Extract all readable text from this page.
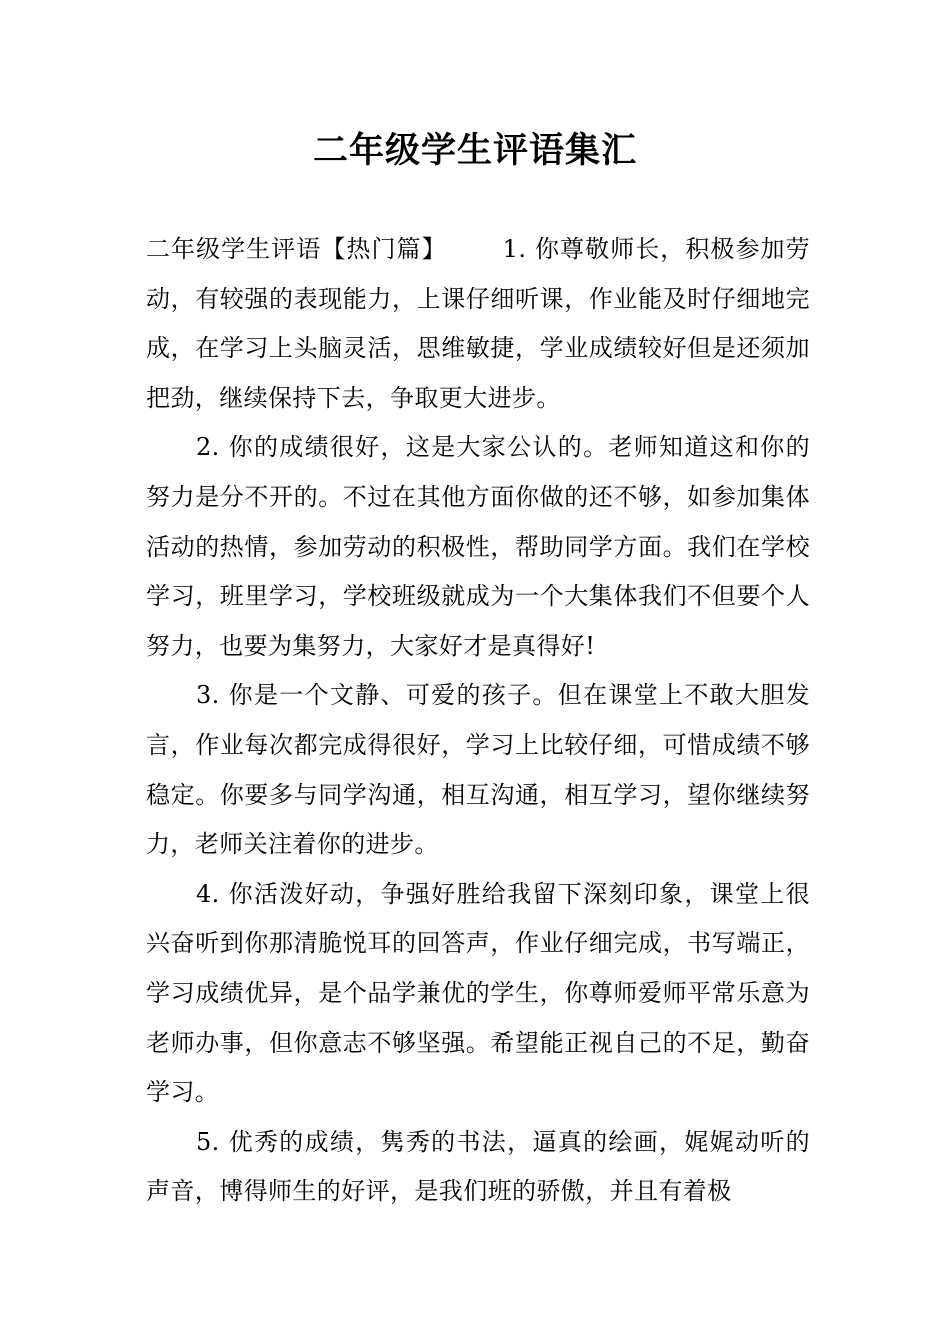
二年级学生评语集汇

二年级学生评语【热门篇】 1. 你尊敬师长，积极参加劳动，有较强的表现能力，上课仔细听课，作业能及时仔细地完成，在学习上头脑灵活，思维敏捷，学业成绩较好但是还须加把劲，继续保持下去，争取更大进步。

2. 你的成绩很好，这是大家公认的。老师知道这和你的努力是分不开的。不过在其他方面你做的还不够，如参加集体活动的热情，参加劳动的积极性，帮助同学方面。我们在学校学习，班里学习，学校班级就成为一个大集体我们不但要个人努力，也要为集努力，大家好才是真得好!

3. 你是一个文静、可爱的孩子。但在课堂上不敢大胆发言，作业每次都完成得很好，学习上比较仔细，可惜成绩不够稳定。你要多与同学沟通，相互沟通，相互学习，望你继续努力，老师关注着你的进步。

4. 你活泼好动，争强好胜给我留下深刻印象，课堂上很兴奋听到你那清脆悦耳的回答声，作业仔细完成，书写端正，学习成绩优异，是个品学兼优的学生，你尊师爱师平常乐意为老师办事，但你意志不够坚强。希望能正视自己的不足，勤奋学习。

5. 优秀的成绩，隽秀的书法，逼真的绘画，娓娓动听的声音，博得师生的好评，是我们班的骄傲，并且有着极
